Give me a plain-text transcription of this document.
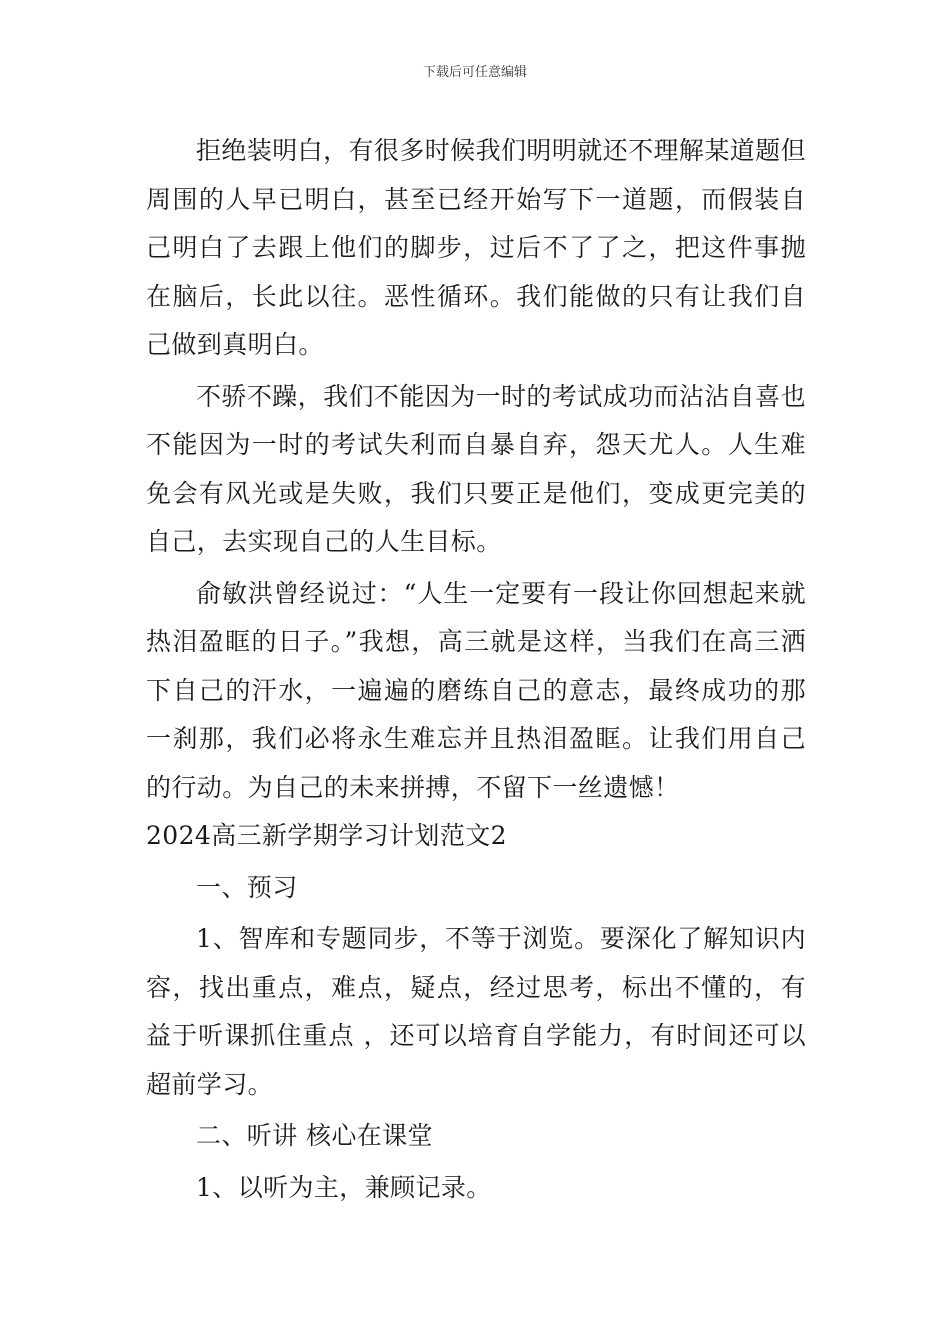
下载后可任意编辑

拒绝装明白，有很多时候我们明明就还不理解某道题但周围的人早已明白，甚至已经开始写下一道题，而假装自己明白了去跟上他们的脚步，过后不了了之，把这件事抛在脑后，长此以往。恶性循环。我们能做的只有让我们自己做到真明白。

不骄不躁，我们不能因为一时的考试成功而沾沾自喜也不能因为一时的考试失利而自暴自弃，怨天尤人。人生难免会有风光或是失败，我们只要正是他们，变成更完美的自己，去实现自己的人生目标。

俞敏洪曾经说过：“人生一定要有一段让你回想起来就热泪盈眶的日子。”我想，高三就是这样，当我们在高三洒下自己的汗水，一遍遍的磨练自己的意志，最终成功的那一刹那，我们必将永生难忘并且热泪盈眶。让我们用自己的行动。为自己的未来拼搏，不留下一丝遗憾！

2024高三新学期学习计划范文2

一、预习

1、智库和专题同步，不等于浏览。要深化了解知识内容，找出重点，难点，疑点，经过思考，标出不懂的，有益于听课抓住重点 ，还可以培育自学能力，有时间还可以超前学习。

二、听讲 核心在课堂

1、以听为主，兼顾记录。
